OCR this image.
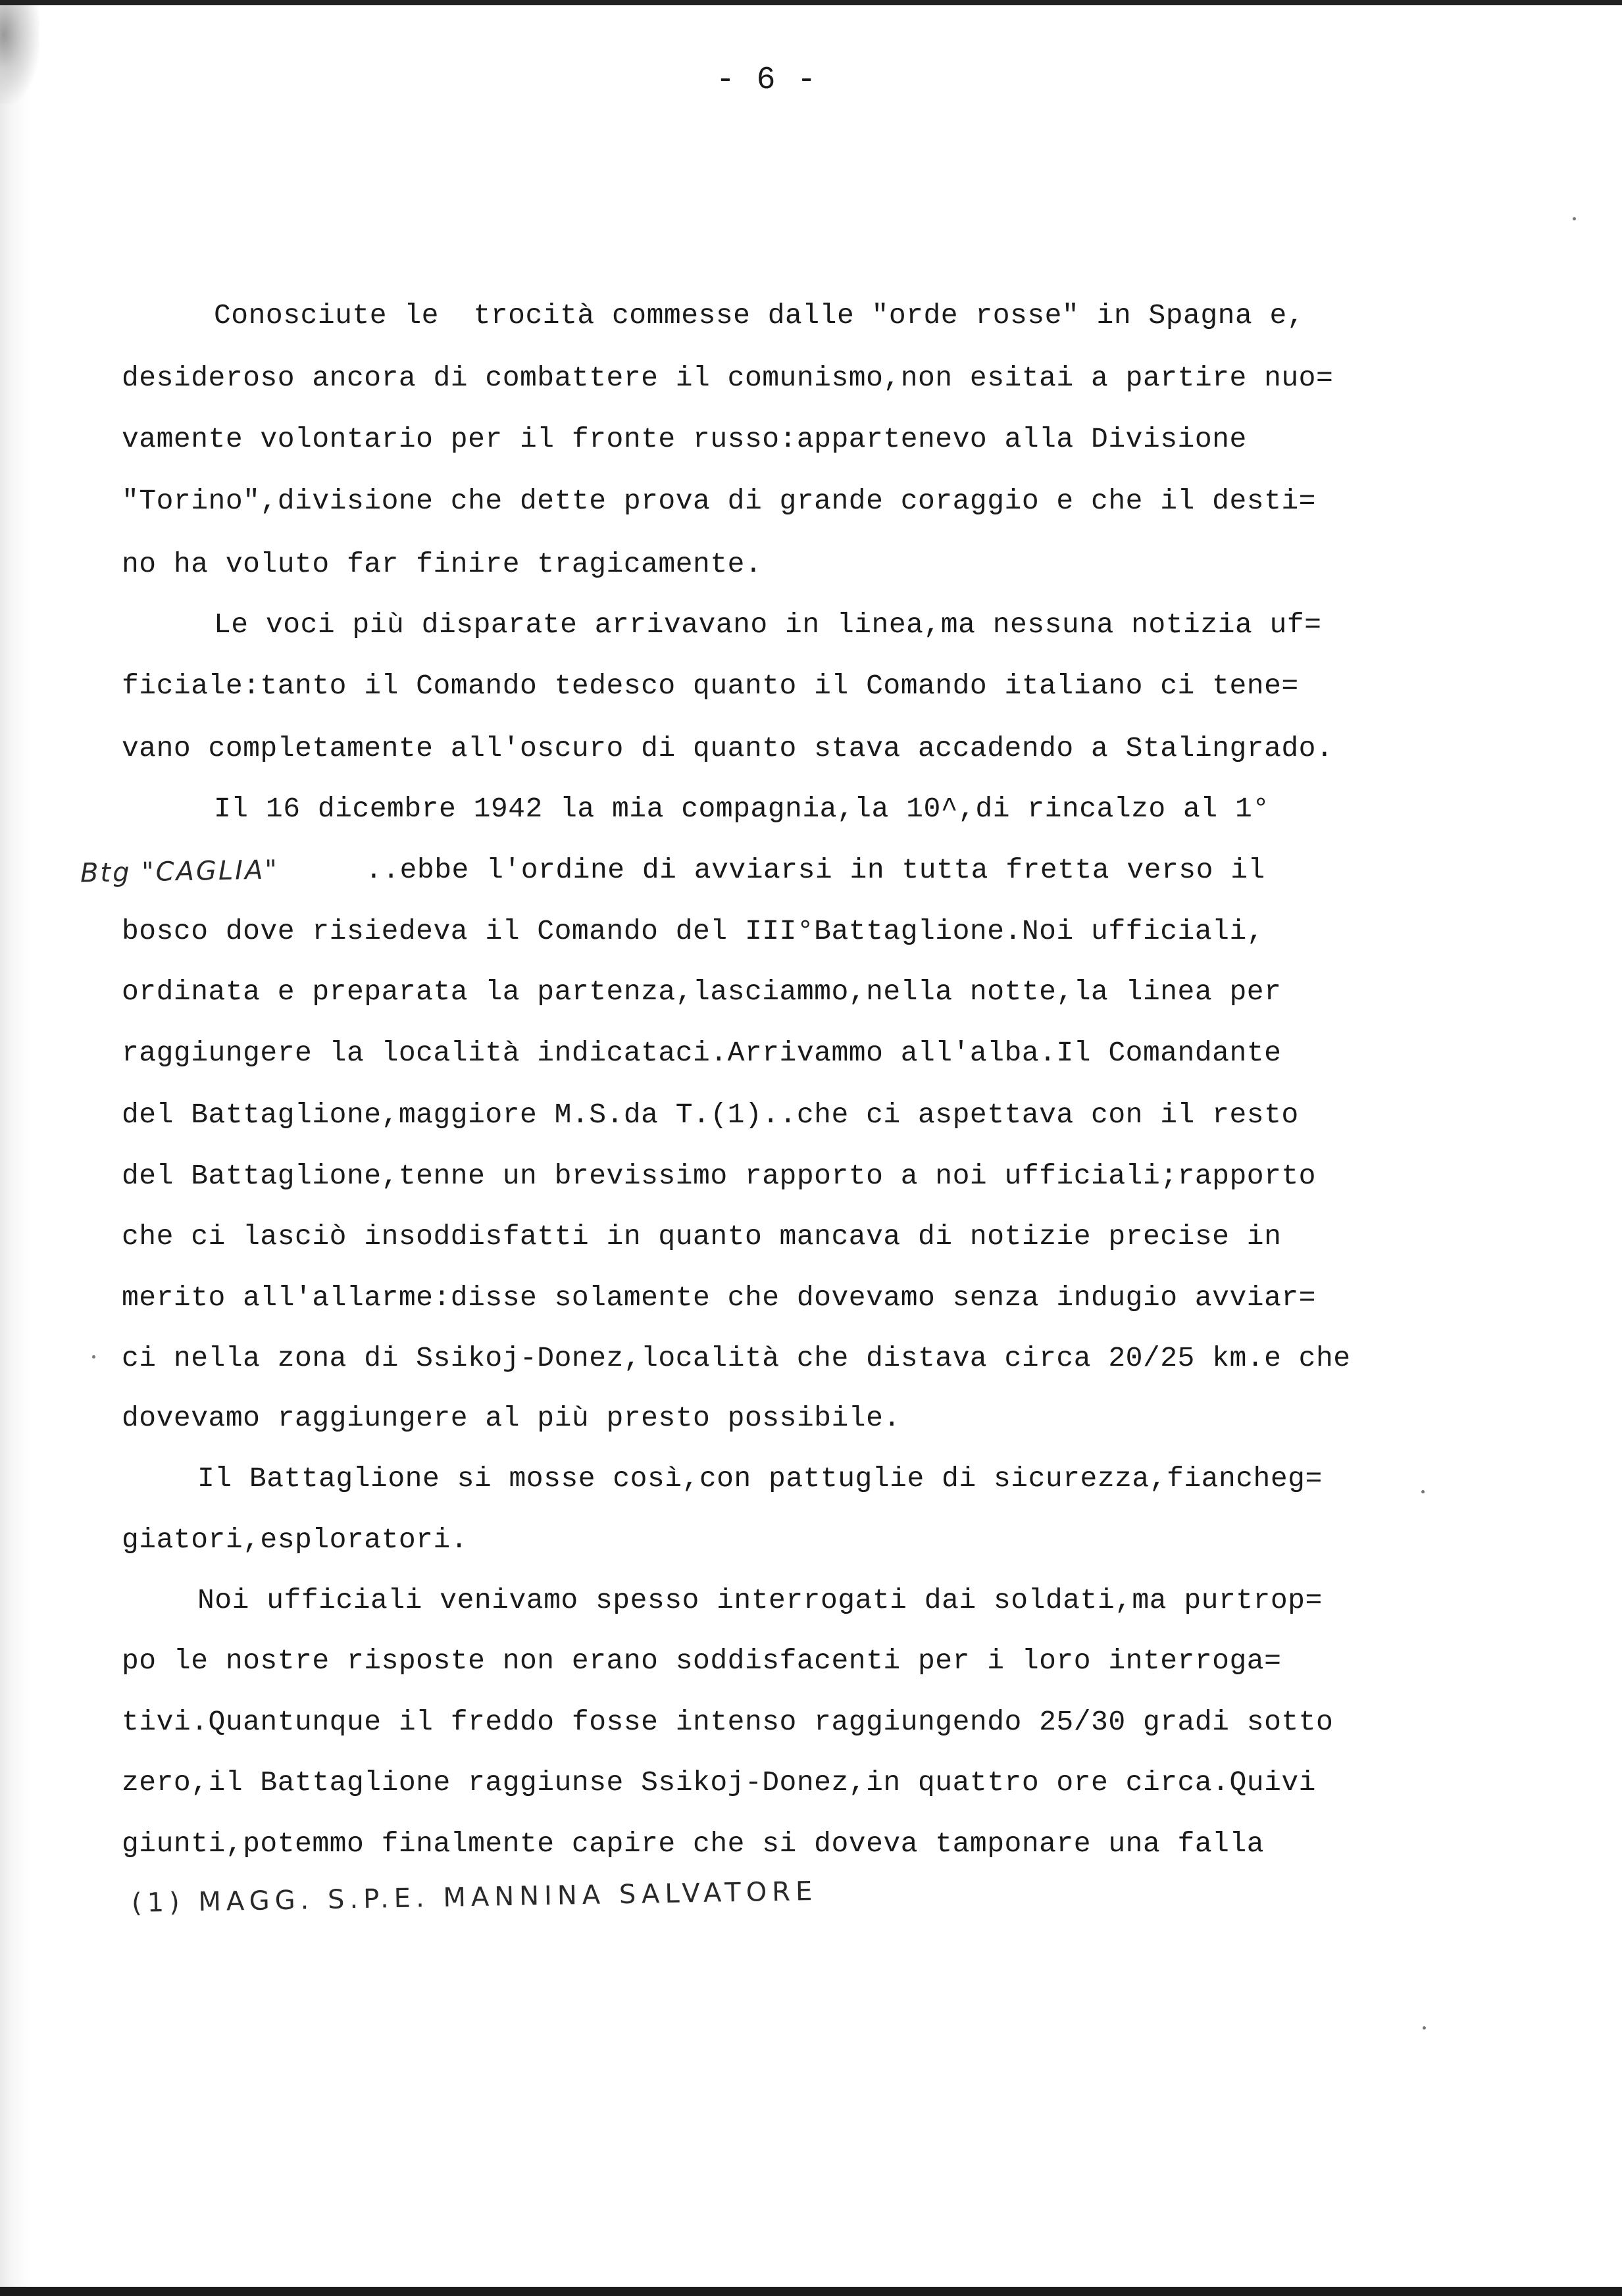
- 6 -
Conosciute le  trocità commesse dalle "orde rosse" in Spagna e,
desideroso ancora di combattere il comunismo,non esitai a partire nuo=
vamente volontario per il fronte russo:appartenevo alla Divisione
"Torino",divisione che dette prova di grande coraggio e che il desti=
no ha voluto far finire tragicamente.
Le voci più disparate arrivavano in linea,ma nessuna notizia uf=
ficiale:tanto il Comando tedesco quanto il Comando italiano ci tene=
vano completamente all'oscuro di quanto stava accadendo a Stalingrado.
Il 16 dicembre 1942 la mia compagnia,la 10^,di rincalzo al 1°
..ebbe l'ordine di avviarsi in tutta fretta verso il
bosco dove risiedeva il Comando del III°Battaglione.Noi ufficiali,
ordinata e preparata la partenza,lasciammo,nella notte,la linea per
raggiungere la località indicataci.Arrivammo all'alba.Il Comandante
del Battaglione,maggiore M.S.da T.(1)..che ci aspettava con il resto
del Battaglione,tenne un brevissimo rapporto a noi ufficiali;rapporto
che ci lasciò insoddisfatti in quanto mancava di notizie precise in
merito all'allarme:disse solamente che dovevamo senza indugio avviar=
ci nella zona di Ssikoj-Donez,località che distava circa 20/25 km.e che
dovevamo raggiungere al più presto possibile.
Il Battaglione si mosse così,con pattuglie di sicurezza,fiancheg=
giatori,esploratori.
Noi ufficiali venivamo spesso interrogati dai soldati,ma purtrop=
po le nostre risposte non erano soddisfacenti per i loro interroga=
tivi.Quantunque il freddo fosse intenso raggiungendo 25/30 gradi sotto
zero,il Battaglione raggiunse Ssikoj-Donez,in quattro ore circa.Quivi
giunti,potemmo finalmente capire che si doveva tamponare una falla
Btg "CAGLIA"
(1) MAGG. S.P.E. MANNINA SALVATORE
